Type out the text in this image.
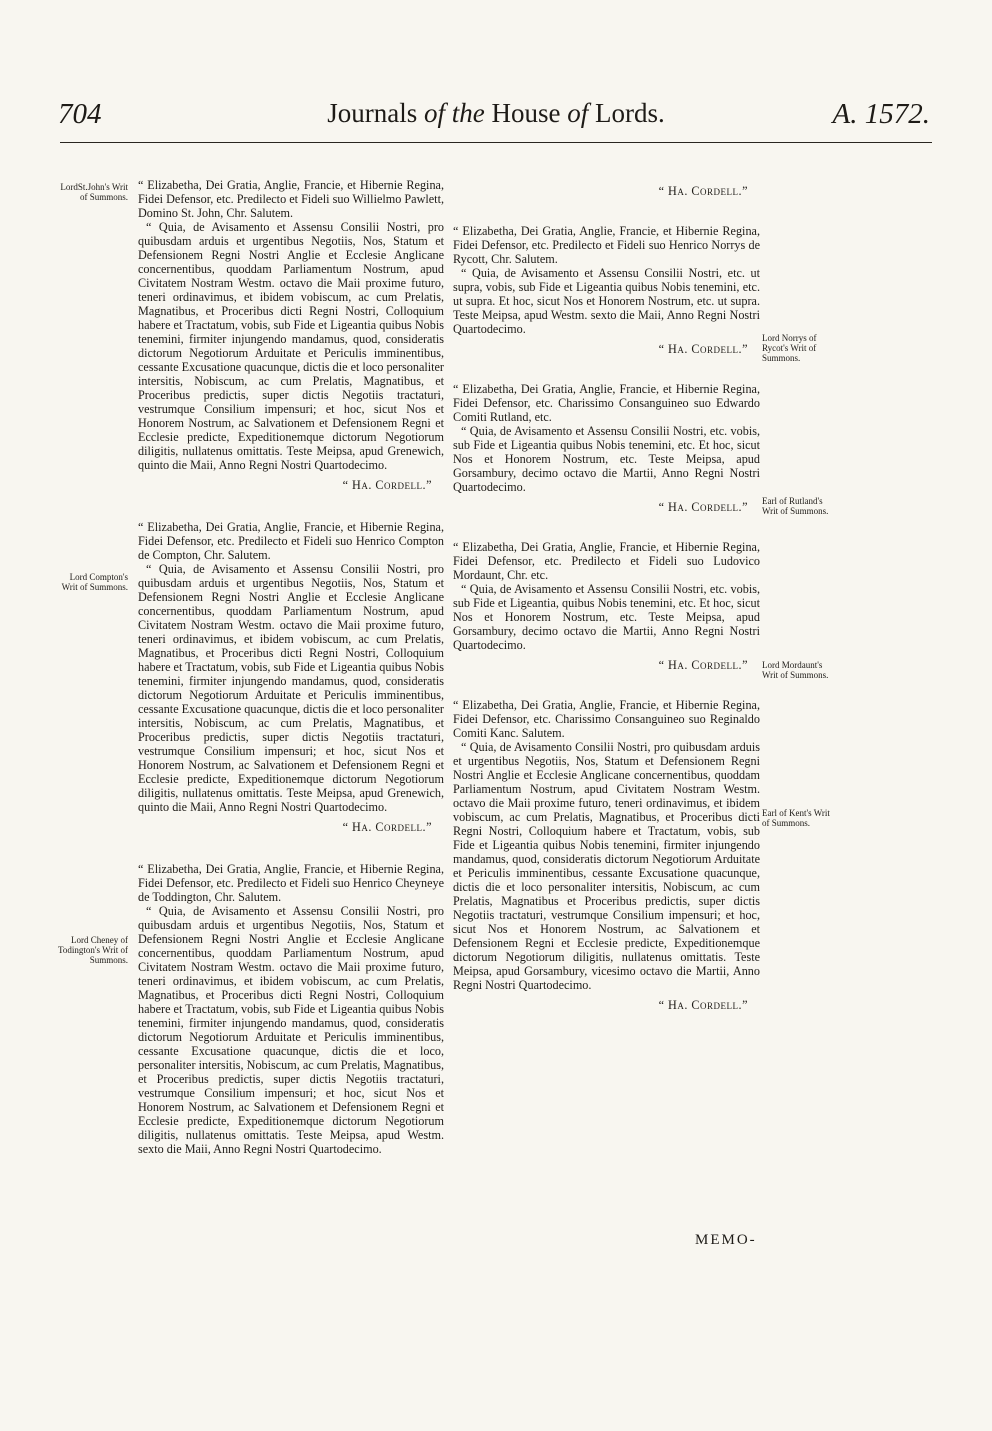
704	Journals of the House of Lords.	A. 1572.
LordSt.John's Writ of Summons.
Lord Compton's Writ of Summons.
Lord Cheney of Todington's Writ of Summons.
Lord Norrys of Rycot's Writ of Summons.
Earl of Rutland's Writ of Summons.
Lord Mordaunt's Writ of Summons.
Earl of Kent's Writ of Summons.

“ Elizabetha, Dei Gratia, Anglie, Francie, et Hibernie Regina, Fidei Defensor, etc. Predilecto et Fideli suo Willielmo Pawlett, Domino St. John, Chr. Salutem.

“ Quia, de Avisamento et Assensu Consilii Nostri, pro quibusdam arduis et urgentibus Negotiis, Nos, Statum et Defensionem Regni Nostri Anglie et Ecclesie Anglicane concernentibus, quoddam Parliamentum Nostrum, apud Civitatem Nostram Westm. octavo die Maii proxime futuro, teneri ordinavimus, et ibidem vobiscum, ac cum Prelatis, Magnatibus, et Proceribus dicti Regni Nostri, Colloquium habere et Tractatum, vobis, sub Fide et Ligeantia quibus Nobis tenemini, firmiter injungendo mandamus, quod, consideratis dictorum Negotiorum Arduitate et Periculis imminentibus, cessante Excusatione quacunque, dictis die et loco personaliter intersitis, Nobiscum, ac cum Prelatis, Magnatibus, et Proceribus predictis, super dictis Negotiis tractaturi, vestrumque Consilium impensuri; et hoc, sicut Nos et Honorem Nostrum, ac Salvationem et Defensionem Regni et Ecclesie predicte, Expeditionemque dictorum Negotiorum diligitis, nullatenus omittatis. Teste Meipsa, apud Grenewich, quinto die Maii, Anno Regni Nostri Quartodecimo.

“ Ha. Cordell.”

“ Elizabetha, Dei Gratia, Anglie, Francie, et Hibernie Regina, Fidei Defensor, etc. Predilecto et Fideli suo Henrico Compton de Compton, Chr. Salutem.

“ Quia, de Avisamento et Assensu Consilii Nostri, pro quibusdam arduis et urgentibus Negotiis, Nos, Statum et Defensionem Regni Nostri Anglie et Ecclesie Anglicane concernentibus, quoddam Parliamentum Nostrum, apud Civitatem Nostram Westm. octavo die Maii proxime futuro, teneri ordinavimus, et ibidem vobiscum, ac cum Prelatis, Magnatibus, et Proceribus dicti Regni Nostri, Colloquium habere et Tractatum, vobis, sub Fide et Ligeantia quibus Nobis tenemini, firmiter injungendo mandamus, quod, consideratis dictorum Negotiorum Arduitate et Periculis imminentibus, cessante Excusatione quacunque, dictis die et loco personaliter intersitis, Nobiscum, ac cum Prelatis, Magnatibus, et Proceribus predictis, super dictis Negotiis tractaturi, vestrumque Consilium impensuri; et hoc, sicut Nos et Honorem Nostrum, ac Salvationem et Defensionem Regni et Ecclesie predicte, Expeditionemque dictorum Negotiorum diligitis, nullatenus omittatis. Teste Meipsa, apud Grenewich, quinto die Maii, Anno Regni Nostri Quartodecimo.

“ Ha. Cordell.”

“ Elizabetha, Dei Gratia, Anglie, Francie, et Hibernie Regina, Fidei Defensor, etc. Predilecto et Fideli suo Henrico Cheyneye de Toddington, Chr. Salutem.

“ Quia, de Avisamento et Assensu Consilii Nostri, pro quibusdam arduis et urgentibus Negotiis, Nos, Statum et Defensionem Regni Nostri Anglie et Ecclesie Anglicane concernentibus, quoddam Parliamentum Nostrum, apud Civitatem Nostram Westm. octavo die Maii proxime futuro, teneri ordinavimus, et ibidem vobiscum, ac cum Prelatis, Magnatibus, et Proceribus dicti Regni Nostri, Colloquium habere et Tractatum, vobis, sub Fide et Ligeantia quibus Nobis tenemini, firmiter injungendo mandamus, quod, consideratis dictorum Negotiorum Arduitate et Periculis imminentibus, cessante Excusatione quacunque, dictis die et loco, personaliter intersitis, Nobiscum, ac cum Prelatis, Magnatibus, et Proceribus predictis, super dictis Negotiis tractaturi, vestrumque Consilium impensuri; et hoc, sicut Nos et Honorem Nostrum, ac Salvationem et Defensionem Regni et Ecclesie predicte, Expeditionemque dictorum Negotiorum diligitis, nullatenus omittatis. Teste Meipsa, apud Westm. sexto die Maii, Anno Regni Nostri Quartodecimo.

“ Ha. Cordell.”

“ Elizabetha, Dei Gratia, Anglie, Francie, et Hibernie Regina, Fidei Defensor, etc. Predilecto et Fideli suo Henrico Norrys de Rycott, Chr. Salutem.

“ Quia, de Avisamento et Assensu Consilii Nostri, etc. ut supra, vobis, sub Fide et Ligeantia quibus Nobis tenemini, etc. ut supra. Et hoc, sicut Nos et Honorem Nostrum, etc. ut supra. Teste Meipsa, apud Westm. sexto die Maii, Anno Regni Nostri Quartodecimo.

“ Ha. Cordell.”

“ Elizabetha, Dei Gratia, Anglie, Francie, et Hibernie Regina, Fidei Defensor, etc. Charissimo Consanguineo suo Edwardo Comiti Rutland, etc.

“ Quia, de Avisamento et Assensu Consilii Nostri, etc. vobis, sub Fide et Ligeantia quibus Nobis tenemini, etc. Et hoc, sicut Nos et Honorem Nostrum, etc. Teste Meipsa, apud Gorsambury, decimo octavo die Martii, Anno Regni Nostri Quartodecimo.

“ Ha. Cordell.”

“ Elizabetha, Dei Gratia, Anglie, Francie, et Hibernie Regina, Fidei Defensor, etc. Predilecto et Fideli suo Ludovico Mordaunt, Chr. etc.

“ Quia, de Avisamento et Assensu Consilii Nostri, etc. vobis, sub Fide et Ligeantia, quibus Nobis tenemini, etc. Et hoc, sicut Nos et Honorem Nostrum, etc. Teste Meipsa, apud Gorsambury, decimo octavo die Martii, Anno Regni Nostri Quartodecimo.

“ Ha. Cordell.”

“ Elizabetha, Dei Gratia, Anglie, Francie, et Hibernie Regina, Fidei Defensor, etc. Charissimo Consanguineo suo Reginaldo Comiti Kanc. Salutem.

“ Quia, de Avisamento Consilii Nostri, pro quibusdam arduis et urgentibus Negotiis, Nos, Statum et Defensionem Regni Nostri Anglie et Ecclesie Anglicane concernentibus, quoddam Parliamentum Nostrum, apud Civitatem Nostram Westm. octavo die Maii proxime futuro, teneri ordinavimus, et ibidem vobiscum, ac cum Prelatis, Magnatibus, et Proceribus dicti Regni Nostri, Colloquium habere et Tractatum, vobis, sub Fide et Ligeantia quibus Nobis tenemini, firmiter injungendo mandamus, quod, consideratis dictorum Negotiorum Arduitate et Periculis imminentibus, cessante Excusatione quacunque, dictis die et loco personaliter intersitis, Nobiscum, ac cum Prelatis, Magnatibus et Proceribus predictis, super dictis Negotiis tractaturi, vestrumque Consilium impensuri; et hoc, sicut Nos et Honorem Nostrum, ac Salvationem et Defensionem Regni et Ecclesie predicte, Expeditionemque dictorum Negotiorum diligitis, nullatenus omittatis. Teste Meipsa, apud Gorsambury, vicesimo octavo die Martii, Anno Regni Nostri Quartodecimo.

“ Ha. Cordell.”
MEMO-
